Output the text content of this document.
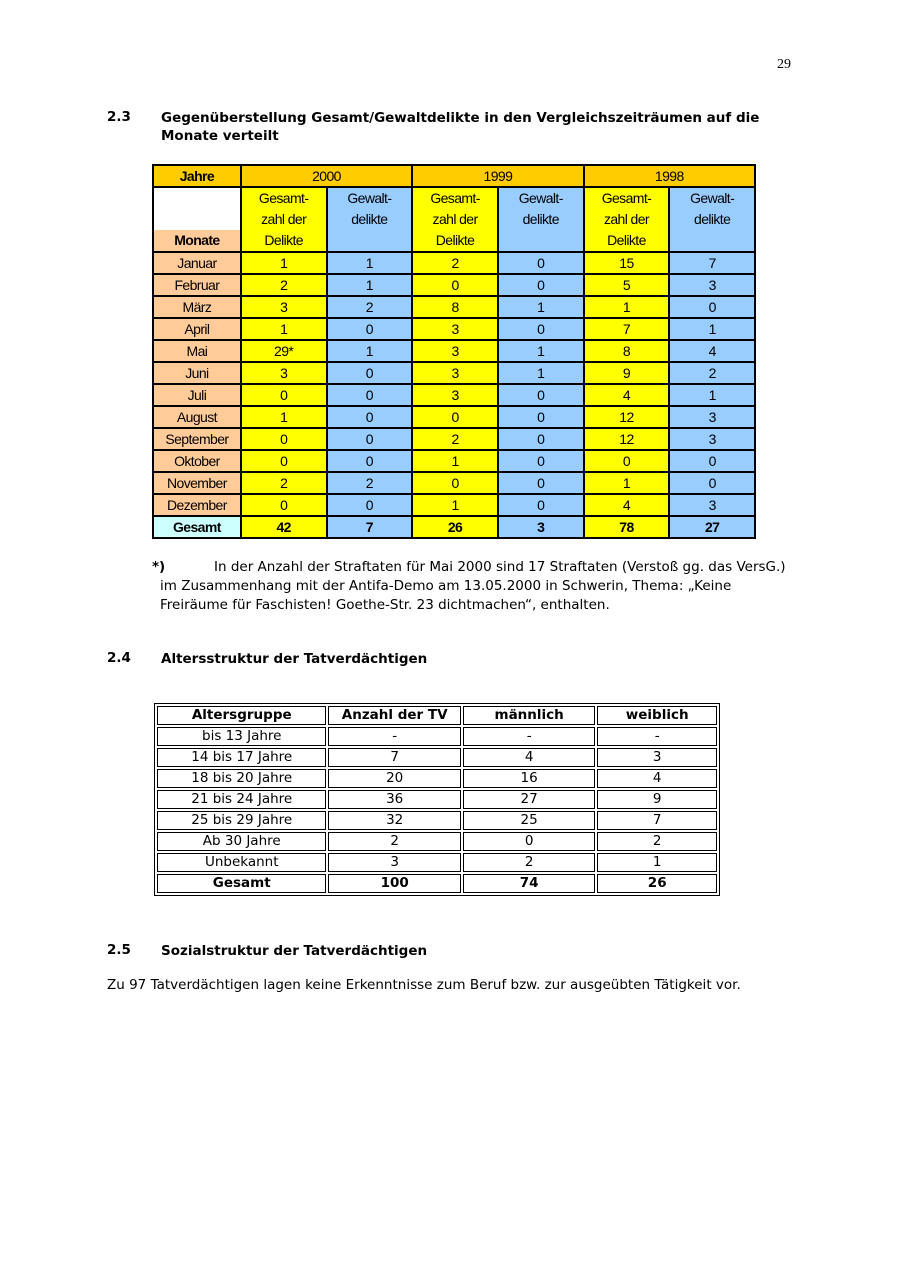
29
2.3 Gegenüberstellung Gesamt/Gewaltdelikte in den Vergleichszeiträumen auf die Monate verteilt
Jahre	2000		1999		1998	

Monate	Gesamt-
zahl der
Delikte	Gewalt-
delikte	Gesamt-
zahl der
Delikte	Gewalt-
delikte	Gesamt-
zahl der
Delikte	Gewalt-
delikte
Januar	1	1	2	0	15	7
Februar	2	1	0	0	5	3
März	3	2	8	1	1	0
April	1	0	3	0	7	1
Mai	29*	1	3	1	8	4
Juni	3	0	3	1	9	2
Juli	0	0	3	0	4	1
August	1	0	0	0	12	3
September	0	0	2	0	12	3
Oktober	0	0	1	0	0	0
November	2	2	0	0	1	0
Dezember	0	0	1	0	4	3
Gesamt	42	7	26	3	78	27
*)	In der Anzahl der Straftaten für Mai 2000 sind 17 Straftaten (Verstoß gg. das VersG.) im Zusammenhang mit der Antifa-Demo am 13.05.2000 in Schwerin, Thema: „Keine Freiräume für Faschisten! Goethe-Str. 23 dichtmachen“, enthalten.
2.4 Altersstruktur der Tatverdächtigen
Altersgruppe	Anzahl der TV	männlich	weiblich
bis 13 Jahre	-	-	-
14 bis 17 Jahre	7	4	3
18 bis 20 Jahre	20	16	4
21 bis 24 Jahre	36	27	9
25 bis 29 Jahre	32	25	7
Ab 30 Jahre	2	0	2
Unbekannt	3	2	1
Gesamt	100	74	26
2.5 Sozialstruktur der Tatverdächtigen
Zu 97 Tatverdächtigen lagen keine Erkenntnisse zum Beruf bzw. zur ausgeübten Tätigkeit vor.
